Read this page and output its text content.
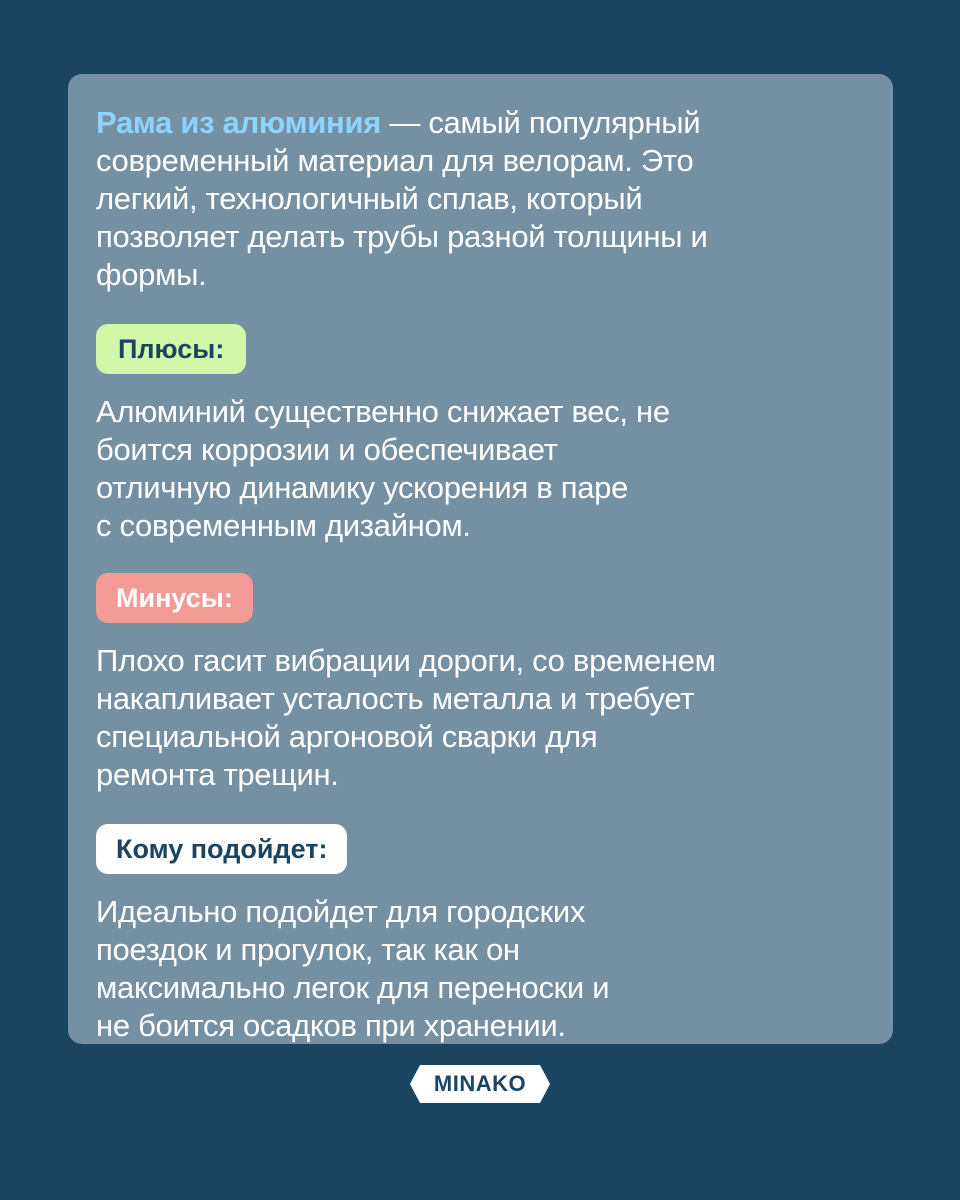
Рама из алюминия — самый популярный
современный материал для велорам. Это
легкий, технологичный сплав, который
позволяет делать трубы разной толщины и
формы.

Плюсы:

Алюминий существенно снижает вес, не
боится коррозии и обеспечивает
отличную динамику ускорения в паре
с современным дизайном.

Минусы:

Плохо гасит вибрации дороги, со временем
накапливает усталость металла и требует
специальной аргоновой сварки для
ремонта трещин.

Кому подойдет:

Идеально подойдет для городских
поездок и прогулок, так как он
максимально легок для переноски и
не боится осадков при хранении.

MINAKO
